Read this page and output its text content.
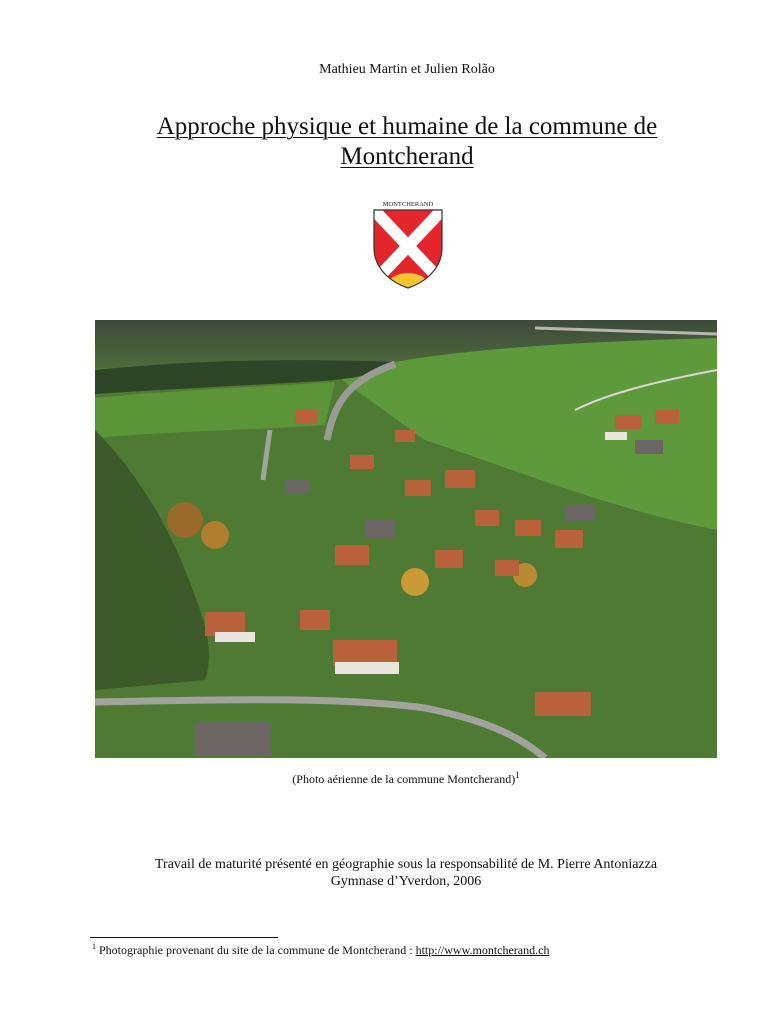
Mathieu Martin et Julien Rolão
Approche physique et humaine de la commune de
Montcherand
MONTCHERAND
(Photo aérienne de la commune Montcherand)$^1$
Travail de maturité présenté en géographie sous la responsabilité de M. Pierre Antoniazza
Gymnase d’Yverdon, 2006
$^1$ Photographie provenant du site de la commune de Montcherand : http://www.montcherand.ch
